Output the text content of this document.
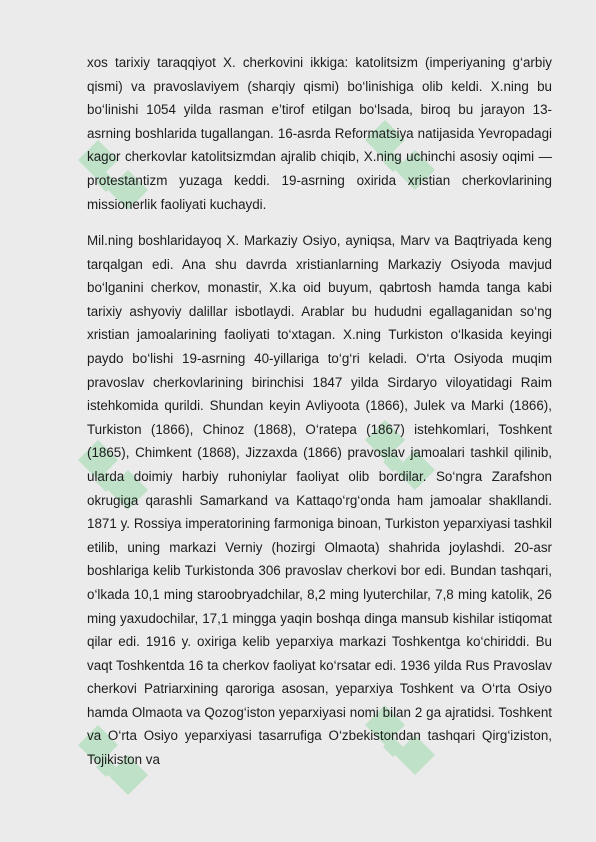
xos tarixiy taraqqiyot X. cherkovini ikkiga: katolitsizm (imperiyaning g‘arbiy qismi) va pravoslaviyem (sharqiy qismi) bo‘linishiga olib keldi. X.ning bu bo‘linishi 1054 yilda rasman e’tirof etilgan bo‘lsada, biroq bu jarayon 13-asrning boshlarida tugallangan. 16-asrda Reformatsiya natijasida Yevropadagi kagor cherkovlar katolitsizmdan ajralib chiqib, X.ning uchinchi asosiy oqimi — protestantizm yuzaga keddi. 19-asrning oxirida xristian cherkovlarining missionerlik faoliyati kuchaydi.

Mil.ning boshlaridayoq X. Markaziy Osiyo, ayniqsa, Marv va Baqtriyada keng tarqalgan edi. Ana shu davrda xristianlarning Markaziy Osiyoda mavjud bo‘lganini cherkov, monastir, X.ka oid buyum, qabrtosh hamda tanga kabi tarixiy ashyoviy dalillar isbotlaydi. Arablar bu hududni egallaganidan so‘ng xristian jamoalarining faoliyati to‘xtagan. X.ning Turkiston o‘lkasida keyingi paydo bo‘lishi 19-asrning 40-yillariga to‘g‘ri keladi. O‘rta Osiyoda muqim pravoslav cherkovlarining birinchisi 1847 yilda Sirdaryo viloyatidagi Raim istehkomida qurildi. Shundan keyin Avliyoota (1866), Julek va Marki (1866), Turkiston (1866), Chinoz (1868), O‘ratepa (1867) istehkomlari, Toshkent (1865), Chimkent (1868), Jizzaxda (1866) pravoslav jamoalari tashkil qilinib, ularda doimiy harbiy ruhoniylar faoliyat olib bordilar. So‘ngra Zarafshon okrugiga qarashli Samarkand va Kattaqo‘rg‘onda ham jamoalar shakllandi. 1871 y. Rossiya imperatorining farmoniga binoan, Turkiston yeparxiyasi tashkil etilib, uning markazi Verniy (hozirgi Olmaota) shahrida joylashdi. 20-asr boshlariga kelib Turkistonda 306 pravoslav cherkovi bor edi. Bundan tashqari, o‘lkada 10,1 ming staroobryadchilar, 8,2 ming lyuterchilar, 7,8 ming katolik, 26 ming yaxudochilar, 17,1 mingga yaqin boshqa dinga mansub kishilar istiqomat qilar edi. 1916 y. oxiriga kelib yeparxiya markazi Toshkentga ko‘chiriddi. Bu vaqt Toshkentda 16 ta cherkov faoliyat ko‘rsatar edi. 1936 yilda Rus Pravoslav cherkovi Patriarxining qaroriga asosan, yeparxiya Toshkent va O‘rta Osiyo hamda Olmaota va Qozog‘iston yeparxiyasi nomi bilan 2 ga ajratidsi. Toshkent va O‘rta Osiyo yeparxiyasi tasarrufiga O‘zbekistondan tashqari Qirg‘iziston, Tojikiston va
